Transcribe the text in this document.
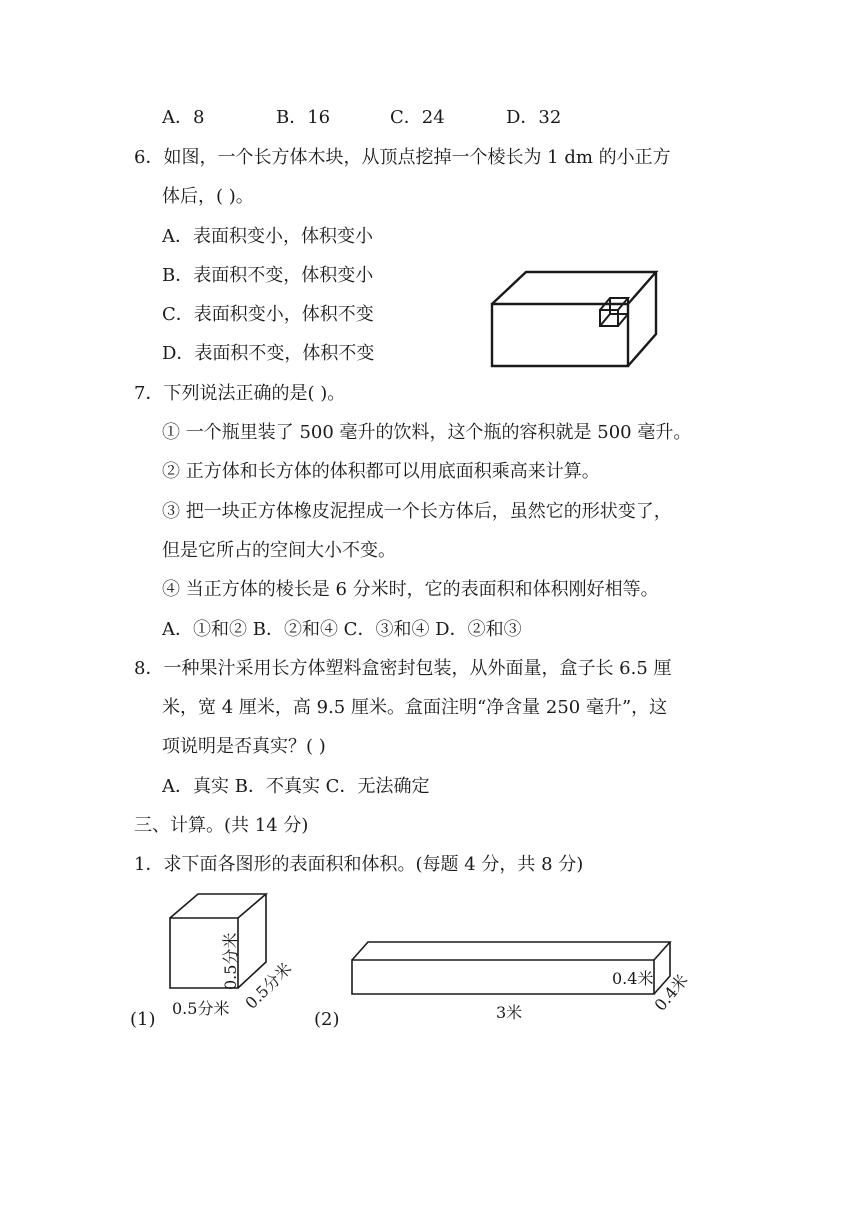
A．8	B．16	C．24	D．32
6．如图，一个长方体木块，从顶点挖掉一个棱长为 1 dm 的小正方
体后，( )。
A．表面积变小，体积变小
B．表面积不变，体积变小
C．表面积变小，体积不变
D．表面积不变，体积不变
7．下列说法正确的是( )。
① 一个瓶里装了 500 毫升的饮料，这个瓶的容积就是 500 毫升。
② 正方体和长方体的体积都可以用底面积乘高来计算。
③ 把一块正方体橡皮泥捏成一个长方体后，虽然它的形状变了，
但是它所占的空间大小不变。
④ 当正方体的棱长是 6 分米时，它的表面积和体积刚好相等。
A．①和② B．②和④ C．③和④ D．②和③
8．一种果汁采用长方体塑料盒密封包装，从外面量，盒子长 6.5 厘
米，宽 4 厘米，高 9.5 厘米。盒面注明“净含量 250 毫升”，这
项说明是否真实？( )
A．真实 B．不真实 C．无法确定
三、计算。(共 14 分)
1．求下面各图形的表面积和体积。(每题 4 分，共 8 分)
(1)	(2)
0.5分米
0.5分米 0.5分米	0.4米
3米	0.4米
